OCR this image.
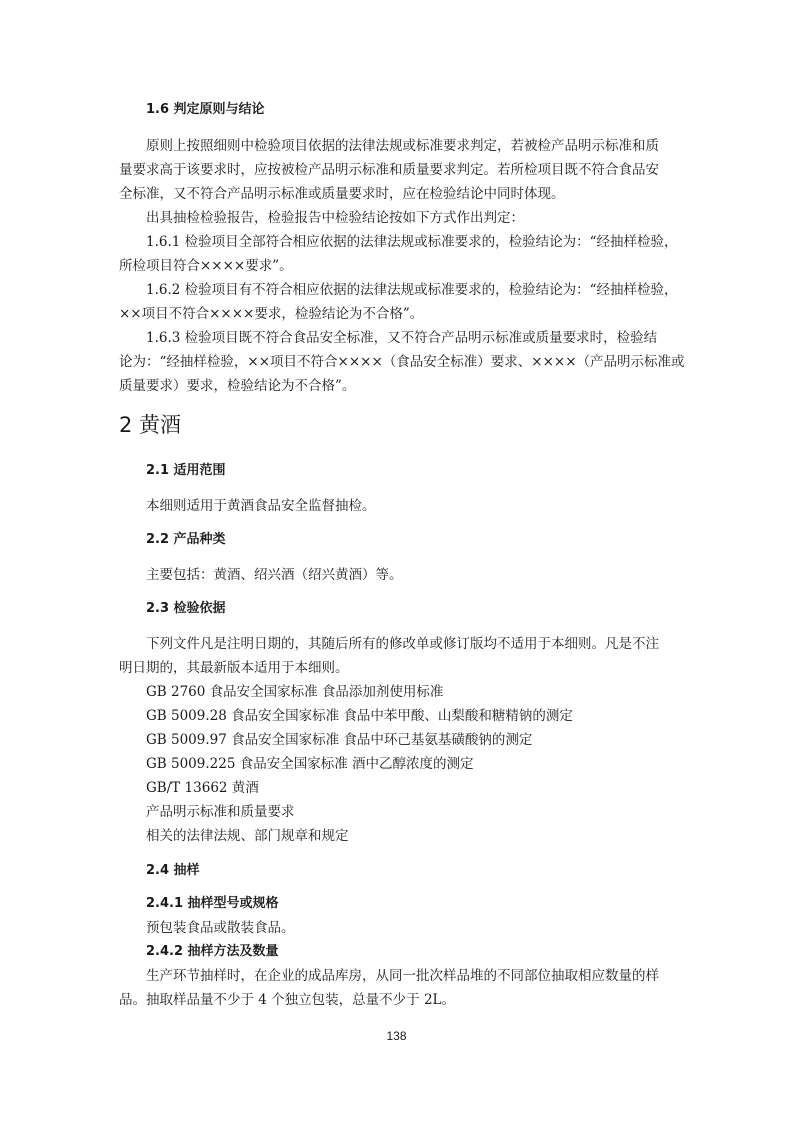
1.6 判定原则与结论
原则上按照细则中检验项目依据的法律法规或标准要求判定，若被检产品明示标准和质
量要求高于该要求时，应按被检产品明示标准和质量要求判定。若所检项目既不符合食品安
全标准，又不符合产品明示标准或质量要求时，应在检验结论中同时体现。
出具抽检检验报告，检验报告中检验结论按如下方式作出判定：
1.6.1 检验项目全部符合相应依据的法律法规或标准要求的，检验结论为：“经抽样检验，
所检项目符合××××要求”。
1.6.2 检验项目有不符合相应依据的法律法规或标准要求的，检验结论为：“经抽样检验，
××项目不符合××××要求，检验结论为不合格”。
1.6.3 检验项目既不符合食品安全标准，又不符合产品明示标准或质量要求时，检验结
论为：“经抽样检验，××项目不符合××××（食品安全标准）要求、××××（产品明示标准或
质量要求）要求，检验结论为不合格”。
2 黄酒
2.1 适用范围
本细则适用于黄酒食品安全监督抽检。
2.2 产品种类
主要包括：黄酒、绍兴酒（绍兴黄酒）等。
2.3 检验依据
下列文件凡是注明日期的，其随后所有的修改单或修订版均不适用于本细则。凡是不注
明日期的，其最新版本适用于本细则。
GB 2760 食品安全国家标准 食品添加剂使用标准
GB 5009.28 食品安全国家标准 食品中苯甲酸、山梨酸和糖精钠的测定
GB 5009.97 食品安全国家标准 食品中环己基氨基磺酸钠的测定
GB 5009.225 食品安全国家标准 酒中乙醇浓度的测定
GB/T 13662 黄酒
产品明示标准和质量要求
相关的法律法规、部门规章和规定
2.4 抽样
2.4.1 抽样型号或规格
预包装食品或散装食品。
2.4.2 抽样方法及数量
生产环节抽样时，在企业的成品库房，从同一批次样品堆的不同部位抽取相应数量的样
品。抽取样品量不少于 4 个独立包装，总量不少于 2L。
138
